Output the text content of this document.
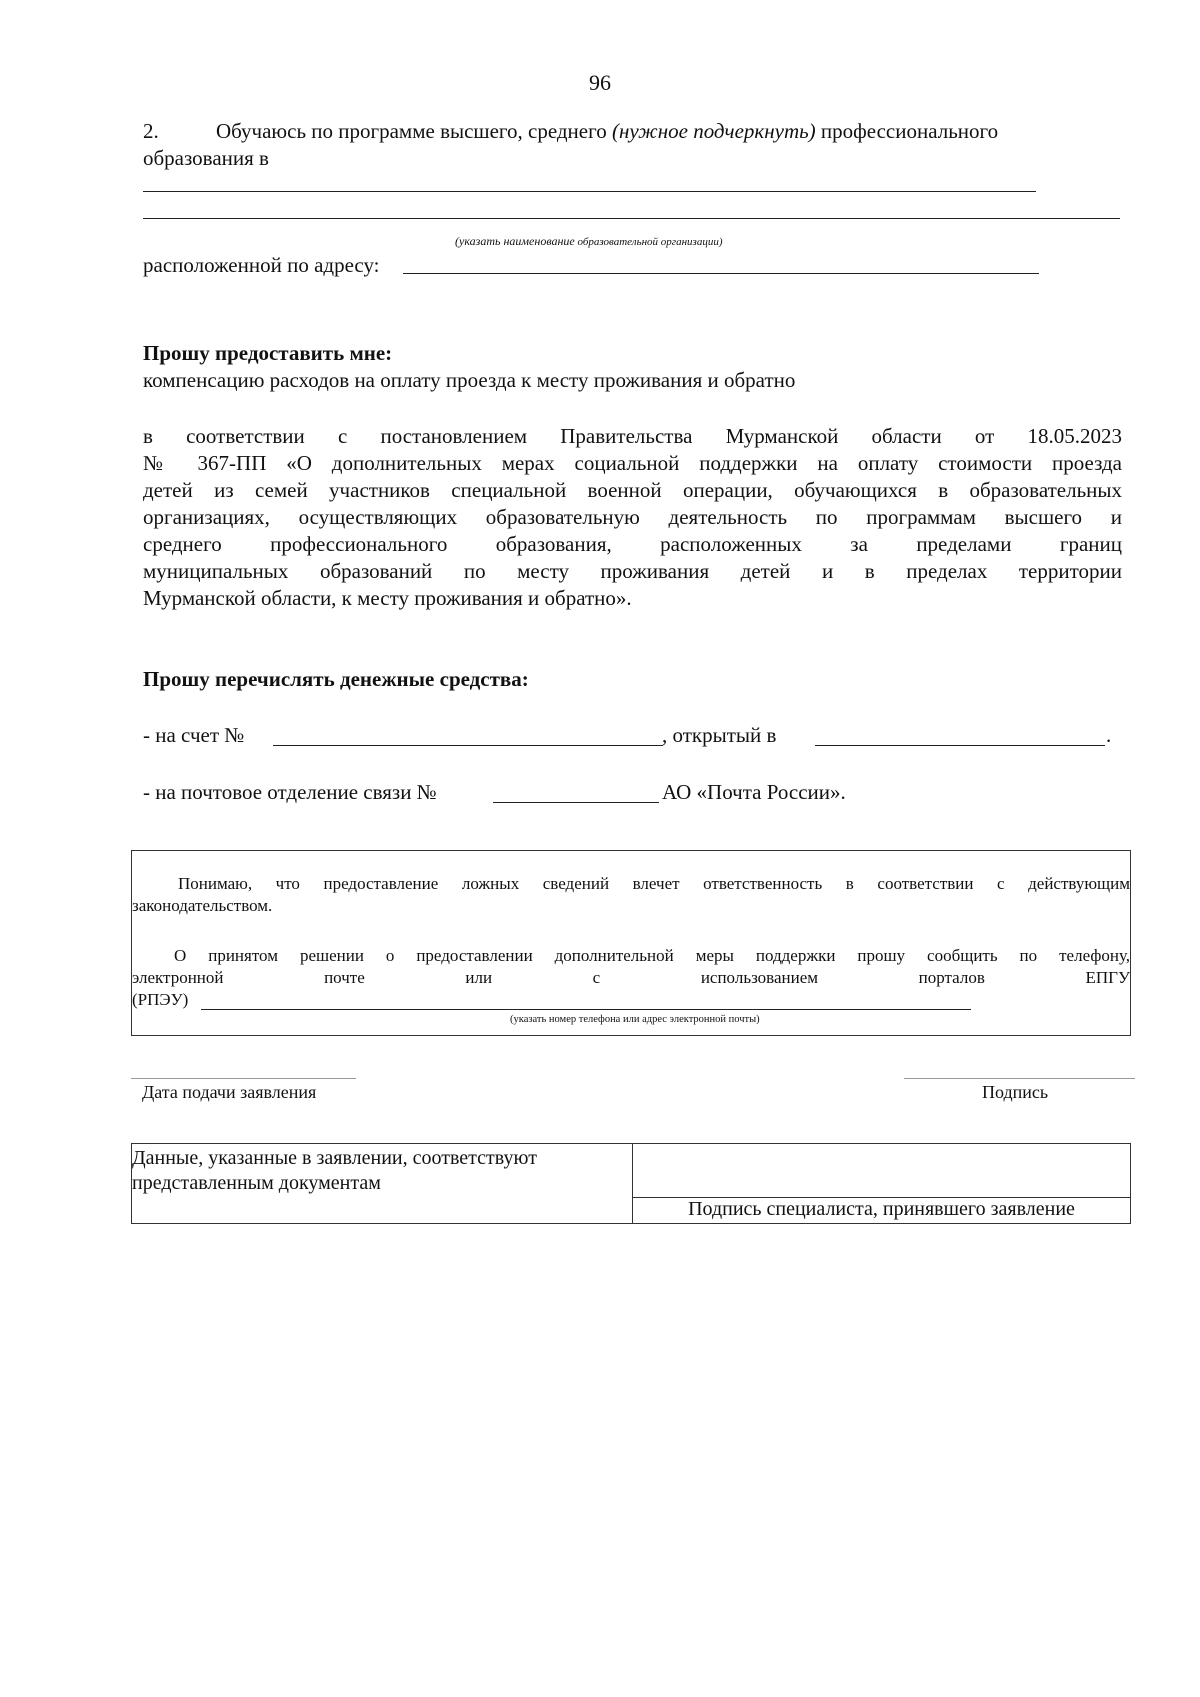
96
2.	Обучаюсь по программе высшего, среднего (нужное подчеркнуть) профессионального
образования в
(указать наименование образовательной организации)
расположенной по адресу:
Прошу предоставить мне:
компенсацию расходов на оплату проезда к месту проживания и обратно
в соответствии с постановлением Правительства Мурманской области от 18.05.2023
№ 367-ПП «О дополнительных мерах социальной поддержки на оплату стоимости проезда
детей из семей участников специальной военной операции, обучающихся в образовательных
организациях, осуществляющих образовательную деятельность по программам высшего и
среднего профессионального образования, расположенных за пределами границ
муниципальных образований по месту проживания детей и в пределах территории
Мурманской области, к месту проживания и обратно».
Прошу перечислять денежные средства:
- на счет №	, открытый в	.
- на почтовое отделение связи №	АО «Почта России».
Понимаю, что предоставление ложных сведений влечет ответственность в соответствии с действующим
законодательством.
О принятом решении о предоставлении дополнительной меры поддержки прошу сообщить по телефону,
электронной почте или с использованием порталов ЕПГУ
(РПЭУ)
(указать номер телефона или адрес электронной почты)
Дата подачи заявления	Подпись
Данные, указанные в заявлении, соответствуют представленным документам	
Подпись специалиста, принявшего заявление
